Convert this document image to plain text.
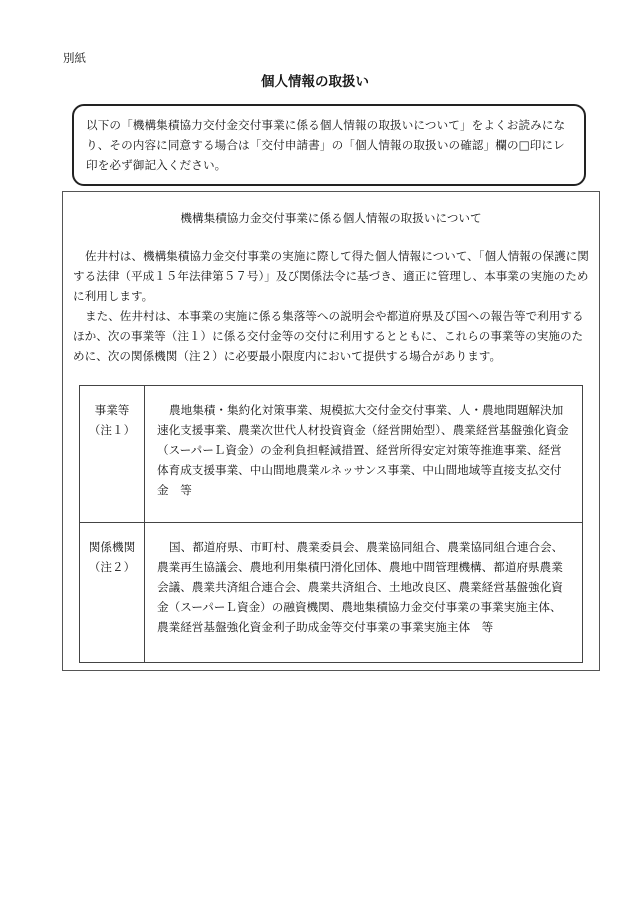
別紙
個人情報の取扱い
以下の「機構集積協力交付金交付事業に係る個人情報の取扱いについて」をよくお読みになり、その内容に同意する場合は「交付申請書」の「個人情報の取扱いの確認」欄の□印にレ印を必ず御記入ください。
機構集積協力金交付事業に係る個人情報の取扱いについて

佐井村は、機構集積協力金交付事業の実施に際して得た個人情報について、「個人情報の保護に関する法律（平成１５年法律第５７号）」及び関係法令に基づき、適正に管理し、本事業の実施のために利用します。

また、佐井村は、本事業の実施に係る集落等への説明会や都道府県及び国への報告等で利用するほか、次の事業等（注１）に係る交付金等の交付に利用するとともに、これらの事業等の実施のために、次の関係機関（注２）に必要最小限度内において提供する場合があります。

事業等
（注１）	農地集積・集約化対策事業、規模拡大交付金交付事業、人・農地問題解決加速化支援事業、農業次世代人材投資資金（経営開始型）、農業経営基盤強化資金（スーパーＬ資金）の金利負担軽減措置、経営所得安定対策等推進事業、経営体育成支援事業、中山間地農業ルネッサンス事業、中山間地域等直接支払交付金　等

関係機関
（注２）	国、都道府県、市町村、農業委員会、農業協同組合、農業協同組合連合会、農業再生協議会、農地利用集積円滑化団体、農地中間管理機構、都道府県農業会議、農業共済組合連合会、農業共済組合、土地改良区、農業経営基盤強化資金（スーパーＬ資金）の融資機関、農地集積協力金交付事業の事業実施主体、農業経営基盤強化資金利子助成金等交付事業の事業実施主体　等
